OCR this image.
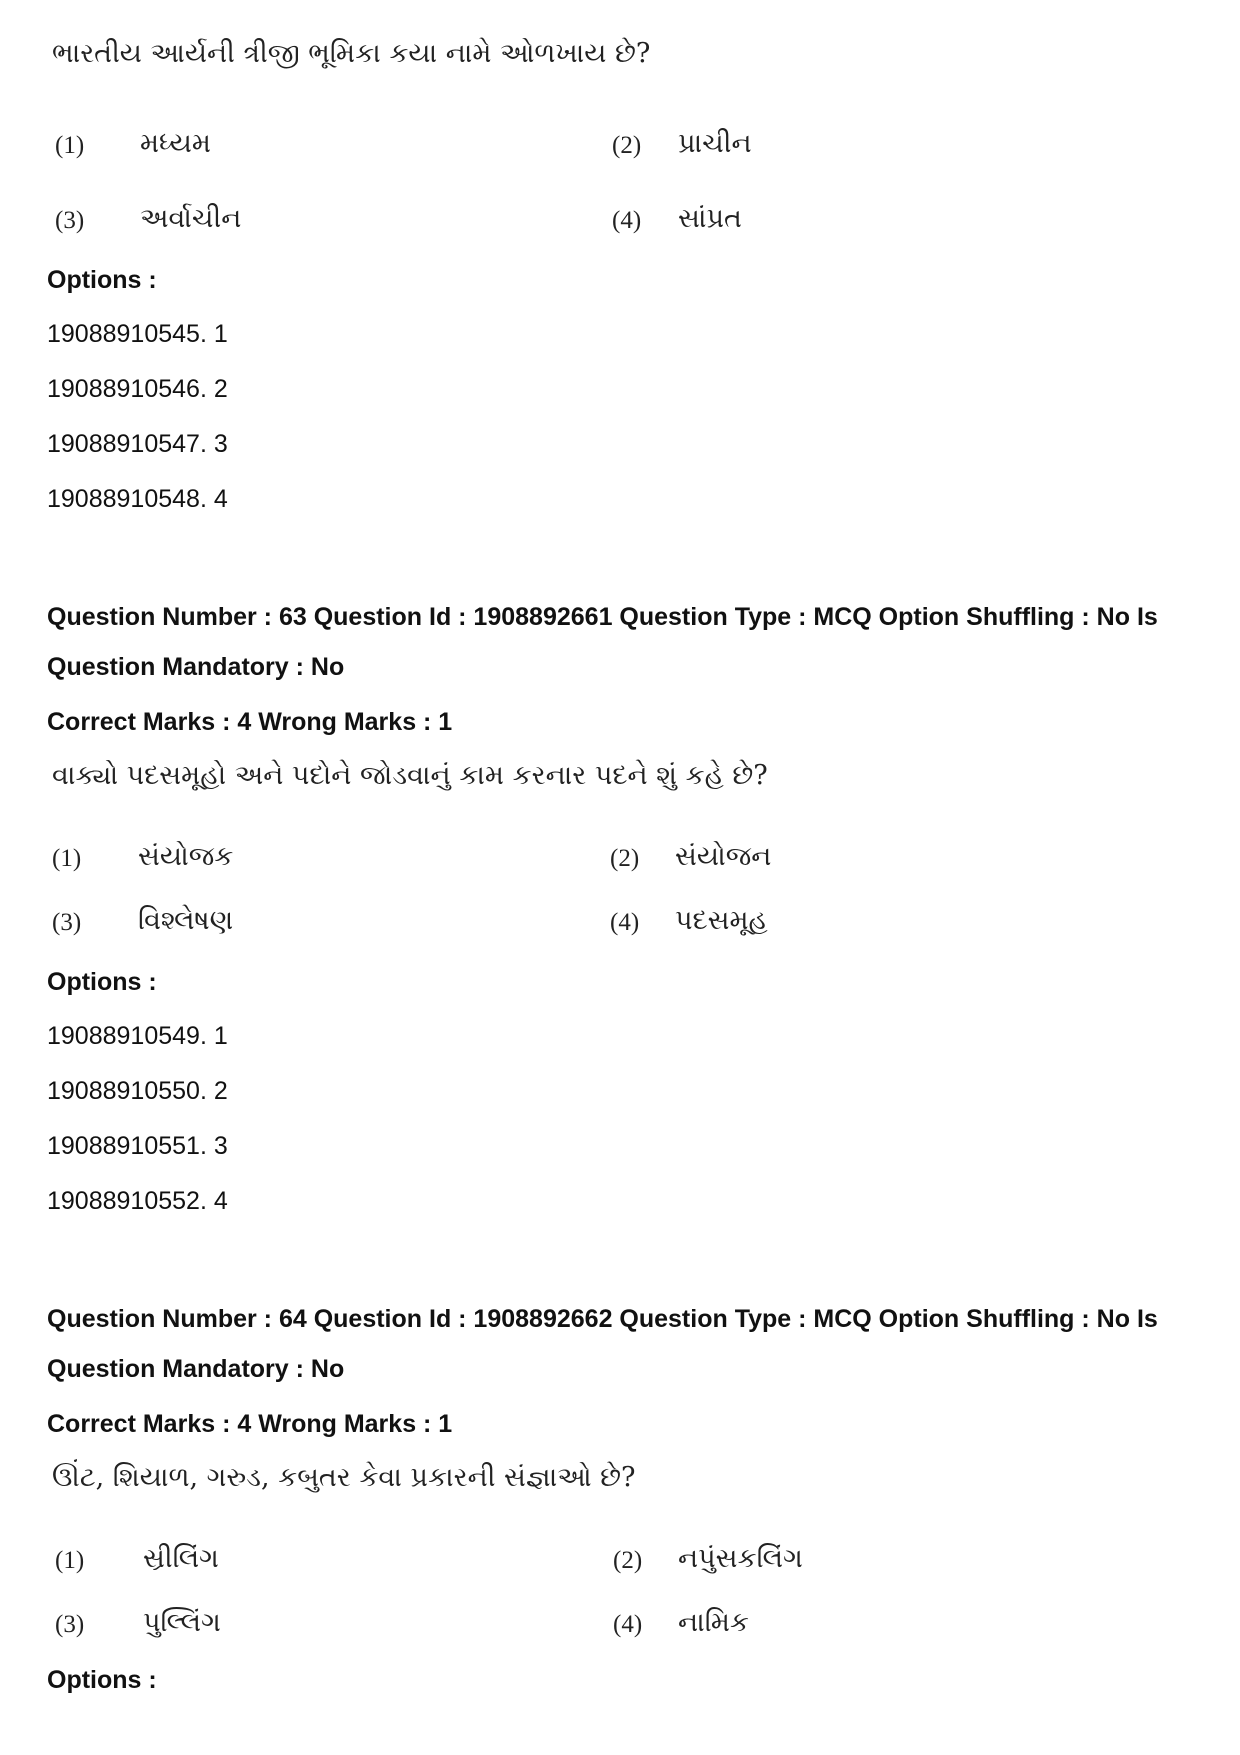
ભારતીય આર્યની ત્રીજી ભૂમિકા કયા નામે ઓળખાય છે?
(1) મધ્યમ	(2) પ્રાચીન
(3) અર્વાચીન	(4) સાંપ્રત
Options :
19088910545. 1
19088910546. 2
19088910547. 3
19088910548. 4
Question Number : 63 Question Id : 1908892661 Question Type : MCQ Option Shuffling : No Is
Question Mandatory : No
Correct Marks : 4 Wrong Marks : 1
વાક્યો પદસમૂહો અને પદોને જોડવાનું કામ કરનાર પદને શું કહે છે?
(1) સંયોજક	(2) સંયોજન
(3) વિશ્લેષણ	(4) પદસમૂહ
Options :
19088910549. 1
19088910550. 2
19088910551. 3
19088910552. 4
Question Number : 64 Question Id : 1908892662 Question Type : MCQ Option Shuffling : No Is
Question Mandatory : No
Correct Marks : 4 Wrong Marks : 1
ઊંટ, શિયાળ, ગરુડ, કબુતર કેવા પ્રકારની સંજ્ઞાઓ છે?
(1) સ્રીલિંગ	(2) નપુંસકલિંગ
(3) પુલ્લિંગ	(4) નામિક
Options :
